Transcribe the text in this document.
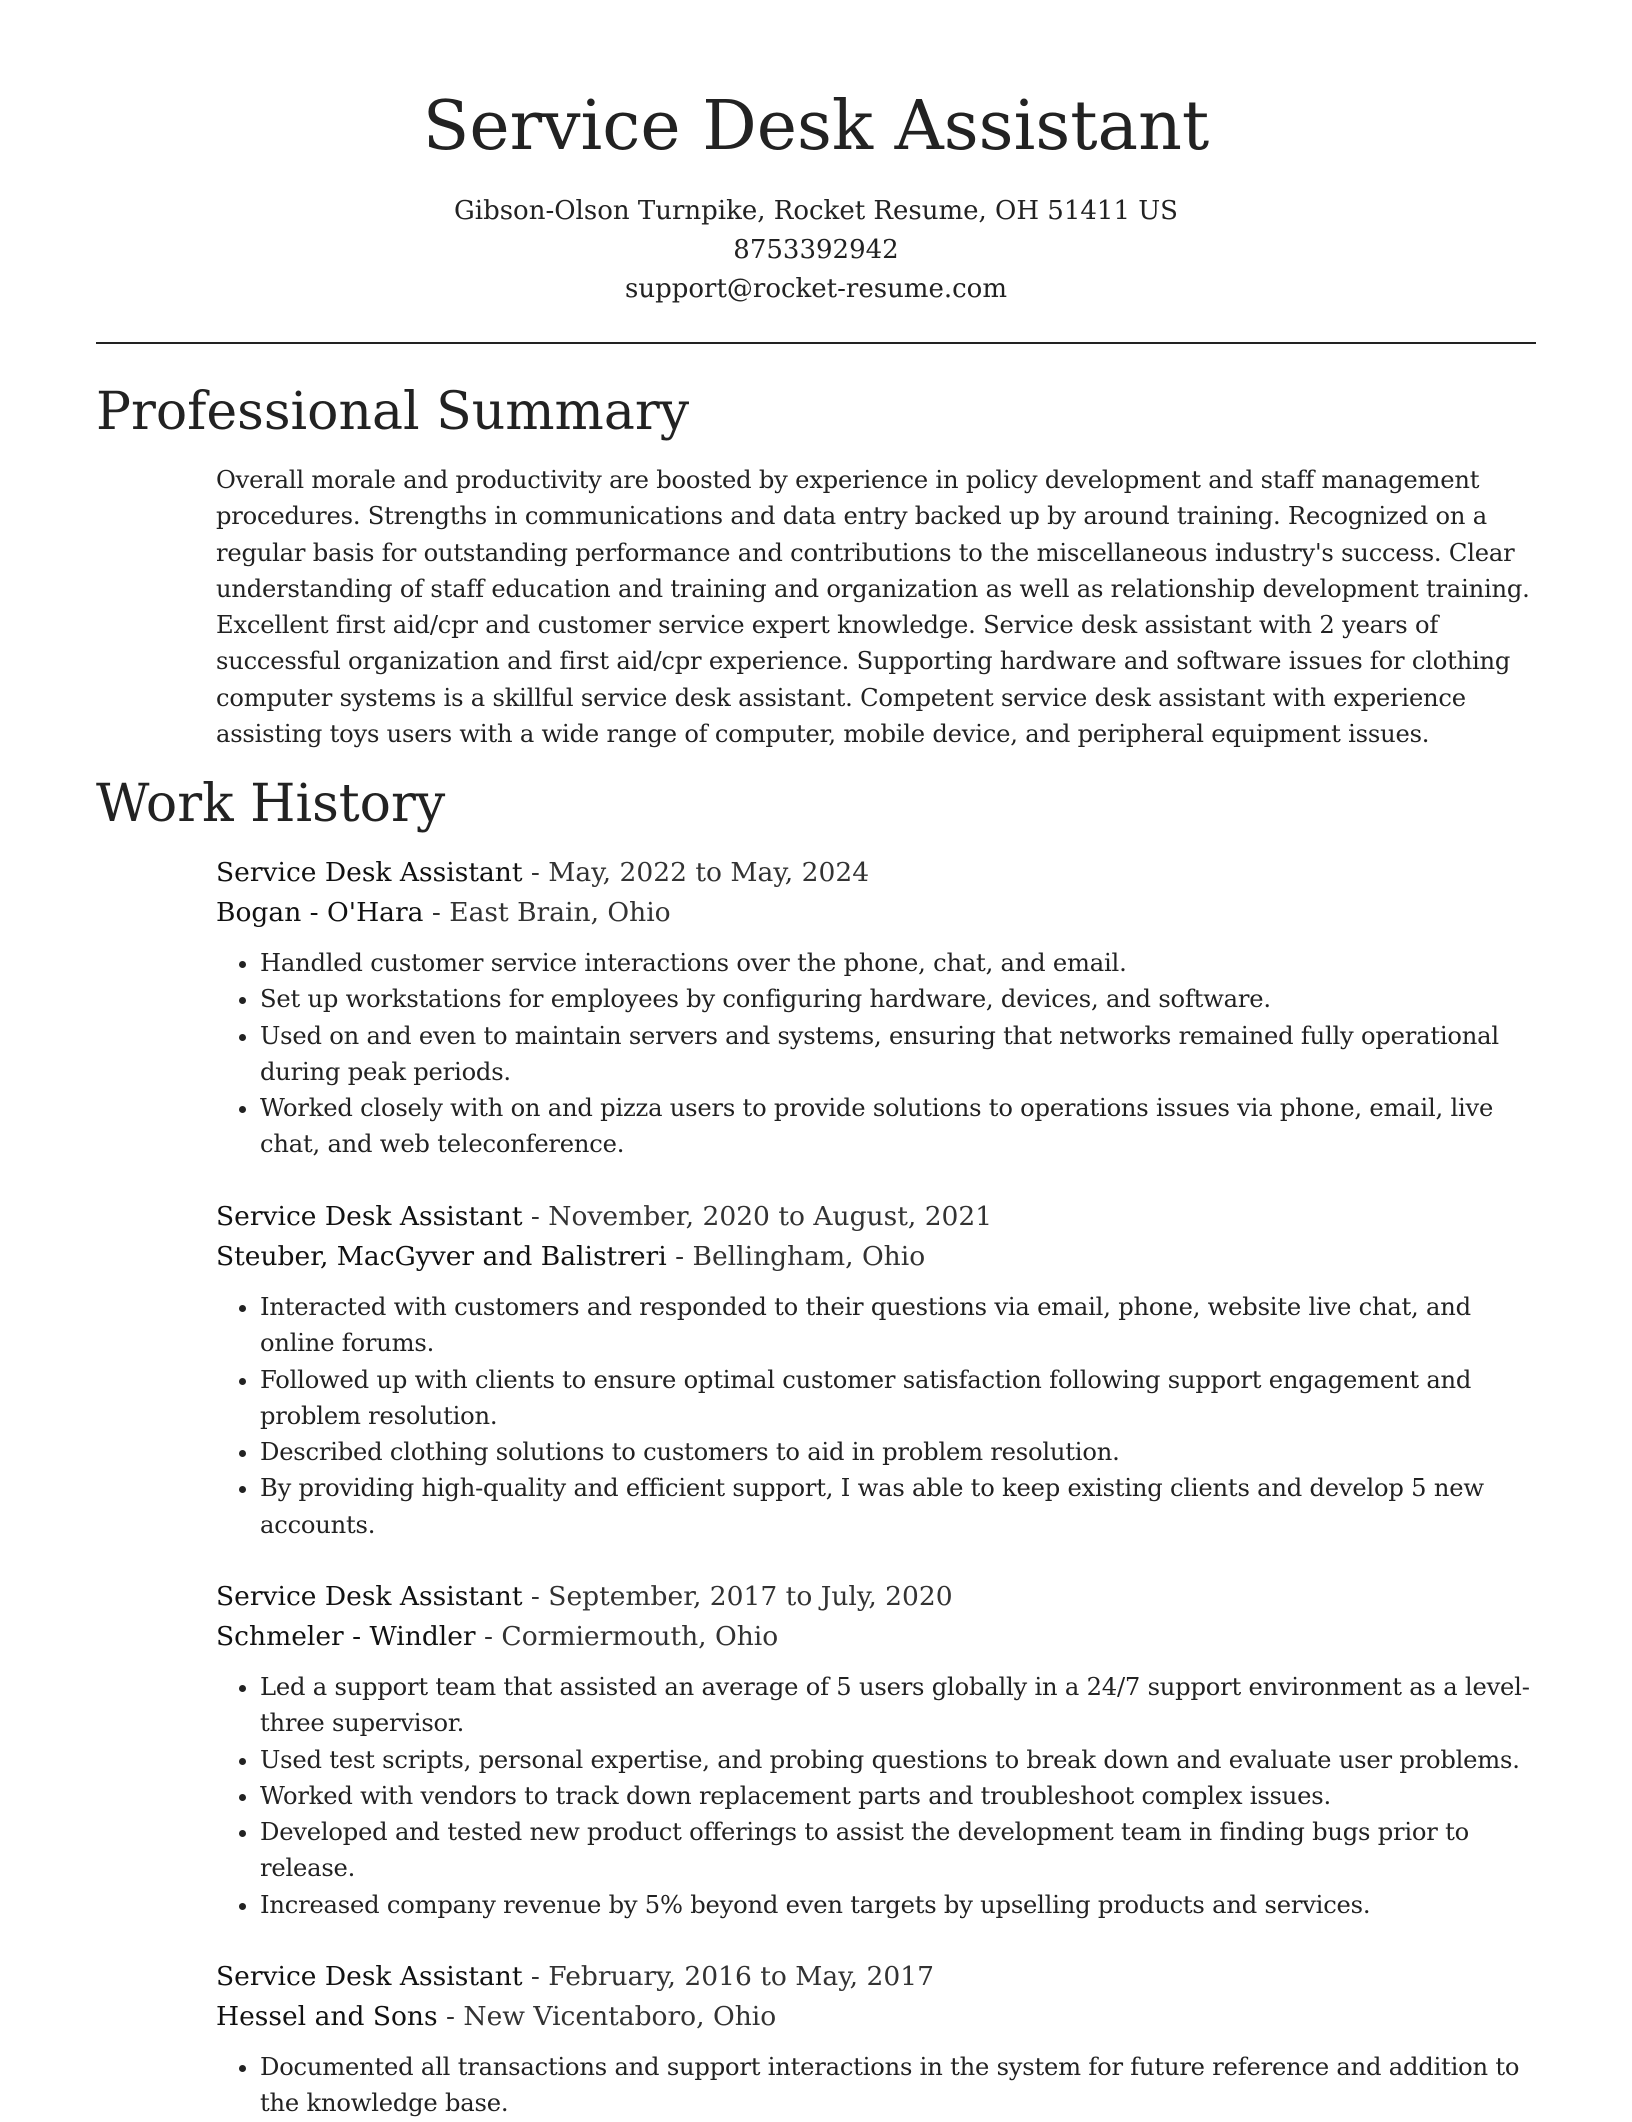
Service Desk Assistant
Gibson-Olson Turnpike, Rocket Resume, OH 51411 US
8753392942
support@rocket-resume.com
Professional Summary

Overall morale and productivity are boosted by experience in policy development and staff management procedures. Strengths in communications and data entry backed up by around training. Recognized on a regular basis for outstanding performance and contributions to the miscellaneous industry's success. Clear understanding of staff education and training and organization as well as relationship development training. Excellent first aid/cpr and customer service expert knowledge. Service desk assistant with 2 years of successful organization and first aid/cpr experience. Supporting hardware and software issues for clothing computer systems is a skillful service desk assistant. Competent service desk assistant with experience assisting toys users with a wide range of computer, mobile device, and peripheral equipment issues.

Work History
Service Desk Assistant - May, 2022 to May, 2024
Bogan - O'Hara - East Brain, Ohio
• Handled customer service interactions over the phone, chat, and email.
• Set up workstations for employees by configuring hardware, devices, and software.
• Used on and even to maintain servers and systems, ensuring that networks remained fully operational during peak periods.
• Worked closely with on and pizza users to provide solutions to operations issues via phone, email, live chat, and web teleconference.
Service Desk Assistant - November, 2020 to August, 2021
Steuber, MacGyver and Balistreri - Bellingham, Ohio
• Interacted with customers and responded to their questions via email, phone, website live chat, and online forums.
• Followed up with clients to ensure optimal customer satisfaction following support engagement and problem resolution.
• Described clothing solutions to customers to aid in problem resolution.
• By providing high-quality and efficient support, I was able to keep existing clients and develop 5 new accounts.
Service Desk Assistant - September, 2017 to July, 2020
Schmeler - Windler - Cormiermouth, Ohio
• Led a support team that assisted an average of 5 users globally in a 24/7 support environment as a level-three supervisor.
• Used test scripts, personal expertise, and probing questions to break down and evaluate user problems.
• Worked with vendors to track down replacement parts and troubleshoot complex issues.
• Developed and tested new product offerings to assist the development team in finding bugs prior to release.
• Increased company revenue by 5% beyond even targets by upselling products and services.
Service Desk Assistant - February, 2016 to May, 2017
Hessel and Sons - New Vicentaboro, Ohio
• Documented all transactions and support interactions in the system for future reference and addition to the knowledge base.
